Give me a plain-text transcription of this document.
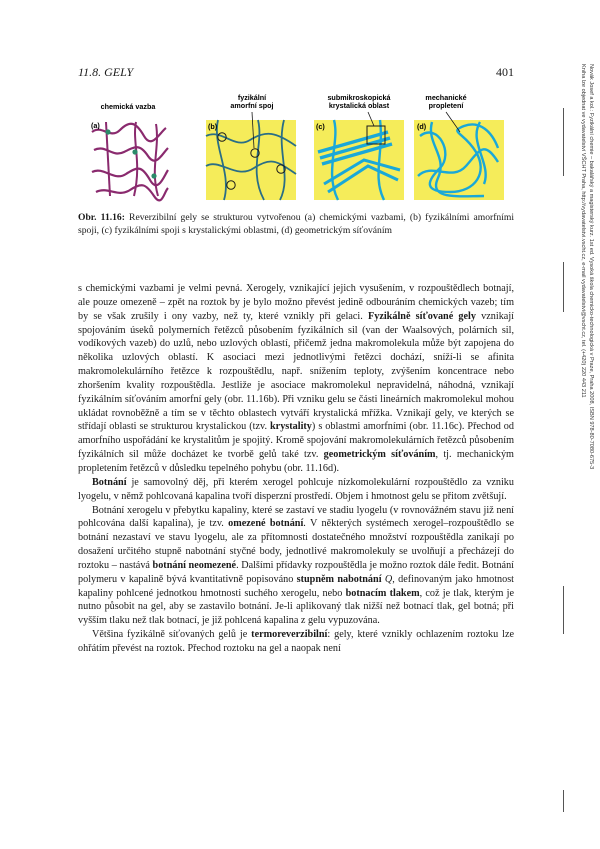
11.8. GELY	401
chemická vazba
fyzikální
amorfní spoj
submikroskopická
krystalická oblast
mechanické
propletení
(a)	(b)	(c)	(d)
Obr. 11.16: Reverzibilní gely se strukturou vytvořenou (a) chemickými vazbami, (b) fyzikálními amorfními spoji, (c) fyzikálními spoji s krystalickými oblastmi, (d) geometrickým síťováním

s chemickými vazbami je velmi pevná. Xerogely, vznikající jejich vysušením, v rozpouštědlech botnají, ale pouze omezeně – zpět na roztok by je bylo možno převést jedině odbouráním chemických vazeb; tím by se však zrušily i ony vazby, než ty, které vznikly při gelaci. Fyzikálně síťované gely vznikají spojováním úseků polymerních řetězců působením fyzikálních sil (van der Waalsových, polárních sil, vodíkových vazeb) do uzlů, nebo uzlových oblastí, přičemž jedna makromolekula může být zapojena do několika uzlových oblastí. K asociaci mezi jednotlivými řetězci dochází, sníží-li se afinita makromolekulárního řetězce k rozpouštědlu, např. snížením teploty, zvýšením koncentrace nebo zhoršením kvality rozpouštědla. Jestliže je asociace makromolekul nepravidelná, náhodná, vznikají fyzikálním síťováním amorfní gely (obr. 11.16b). Při vzniku gelu se části lineárních makromolekul mohou ukládat rovnoběžně a tím se v těchto oblastech vytváří krystalická mřížka. Vznikají gely, ve kterých se střídají oblasti se strukturou krystalickou (tzv. krystality) s oblastmi amorfními (obr. 11.16c). Přechod od amorfního uspořádání ke krystalitům je spojitý. Kromě spojování makromolekulárních řetězců působením fyzikálních sil může docházet ke tvorbě gelů také tzv. geometrickým síťováním, tj. mechanickým propletením řetězců v důsledku tepelného pohybu (obr. 11.16d).

Botnání je samovolný děj, při kterém xerogel pohlcuje nízkomolekulární rozpouštědlo za vzniku lyogelu, v němž pohlcovaná kapalina tvoří disperzní prostředí. Objem i hmotnost gelu se přitom zvětšují.

Botnání xerogelu v přebytku kapaliny, které se zastaví ve stadiu lyogelu (v rovnovážném stavu již není pohlcována další kapalina), je tzv. omezené botnání. V některých systémech xerogel–rozpouštědlo se botnání nezastaví ve stavu lyogelu, ale za přítomnosti dostatečného množství rozpouštědla zanikají po dosažení určitého stupně nabotnání styčné body, jednotlivé makromolekuly se uvolňují a přecházejí do roztoku – nastává botnání neomezené. Dalšími přídavky rozpouštědla je možno roztok dále ředit. Botnání polymeru v kapalině bývá kvantitativně popisováno stupněm nabotnání Q, definovaným jako hmotnost kapaliny pohlcené jednotkou hmotnosti suchého xerogelu, nebo botnacím tlakem, což je tlak, kterým je nutno působit na gel, aby se zastavilo botnání. Je-li aplikovaný tlak nižší než botnací tlak, gel botná; při vyšším tlaku než tlak botnací, je již pohlcená kapalina z gelu vypuzována.

Většina fyzikálně síťovaných gelů je termoreverzibilní: gely, které vznikly ochlazením roztoku lze ohřátím převést na roztok. Přechod roztoku na gel a naopak není

Novák Josef a kol.: Fyzikální chemie – bakalářský a magisterský kurz. 1st ed. Vysoká škola chemicko-technologická v Praze, Praha 2008, ISBN 978-80-7080-675-3
Kniha lze objednat ve vydavatelství VŠCHT Praha, http://vydavatelstvi.vscht.cz, e-mail vydavatelstvi@vscht.cz, tel. (+420) 220 443 211
